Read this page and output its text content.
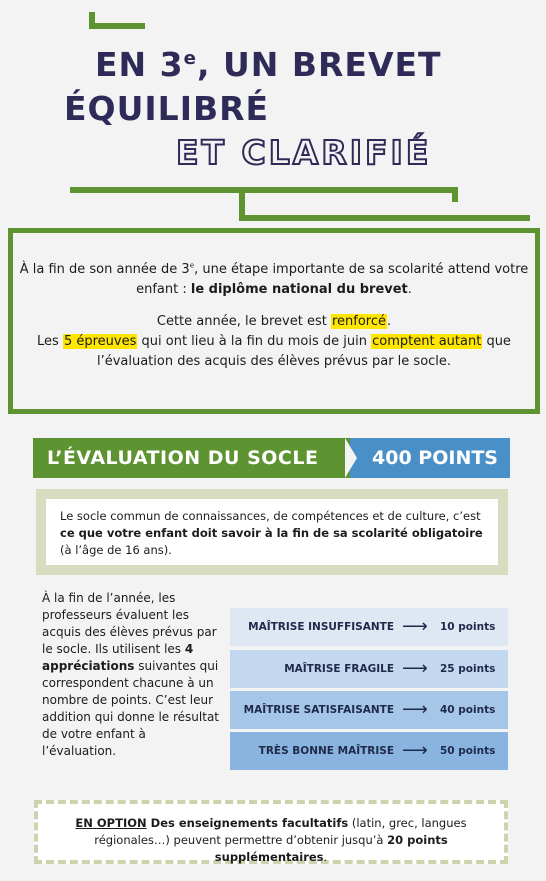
EN 3e, UN BREVET
ÉQUILIBRÉ
ET CLARIFIÉ

À la fin de son année de 3e, une étape importante de sa scolarité attend votre enfant : le diplôme national du brevet.

Cette année, le brevet est renforcé.
Les 5 épreuves qui ont lieu à la fin du mois de juin comptent autant que l’évaluation des acquis des élèves prévus par le socle.

L’ÉVALUATION DU SOCLE	400 POINTS
Le socle commun de connaissances, de compétences et de culture, c’est ce que votre enfant doit savoir à la fin de sa scolarité obligatoire (à l’âge de 16 ans).
À la fin de l’année, les professeurs évaluent les acquis des élèves prévus par le socle. Ils utilisent les 4 appréciations suivantes qui correspondent chacune à un nombre de points. C’est leur addition qui donne le résultat de votre enfant à l’évaluation.
MAÎTRISE INSUFFISANTE ⟶ 10 points
MAÎTRISE FRAGILE ⟶ 25 points
MAÎTRISE SATISFAISANTE ⟶ 40 points
TRÈS BONNE MAÎTRISE ⟶ 50 points
EN OPTION Des enseignements facultatifs (latin, grec, langues régionales…) peuvent permettre d’obtenir jusqu’à 20 points supplémentaires.
